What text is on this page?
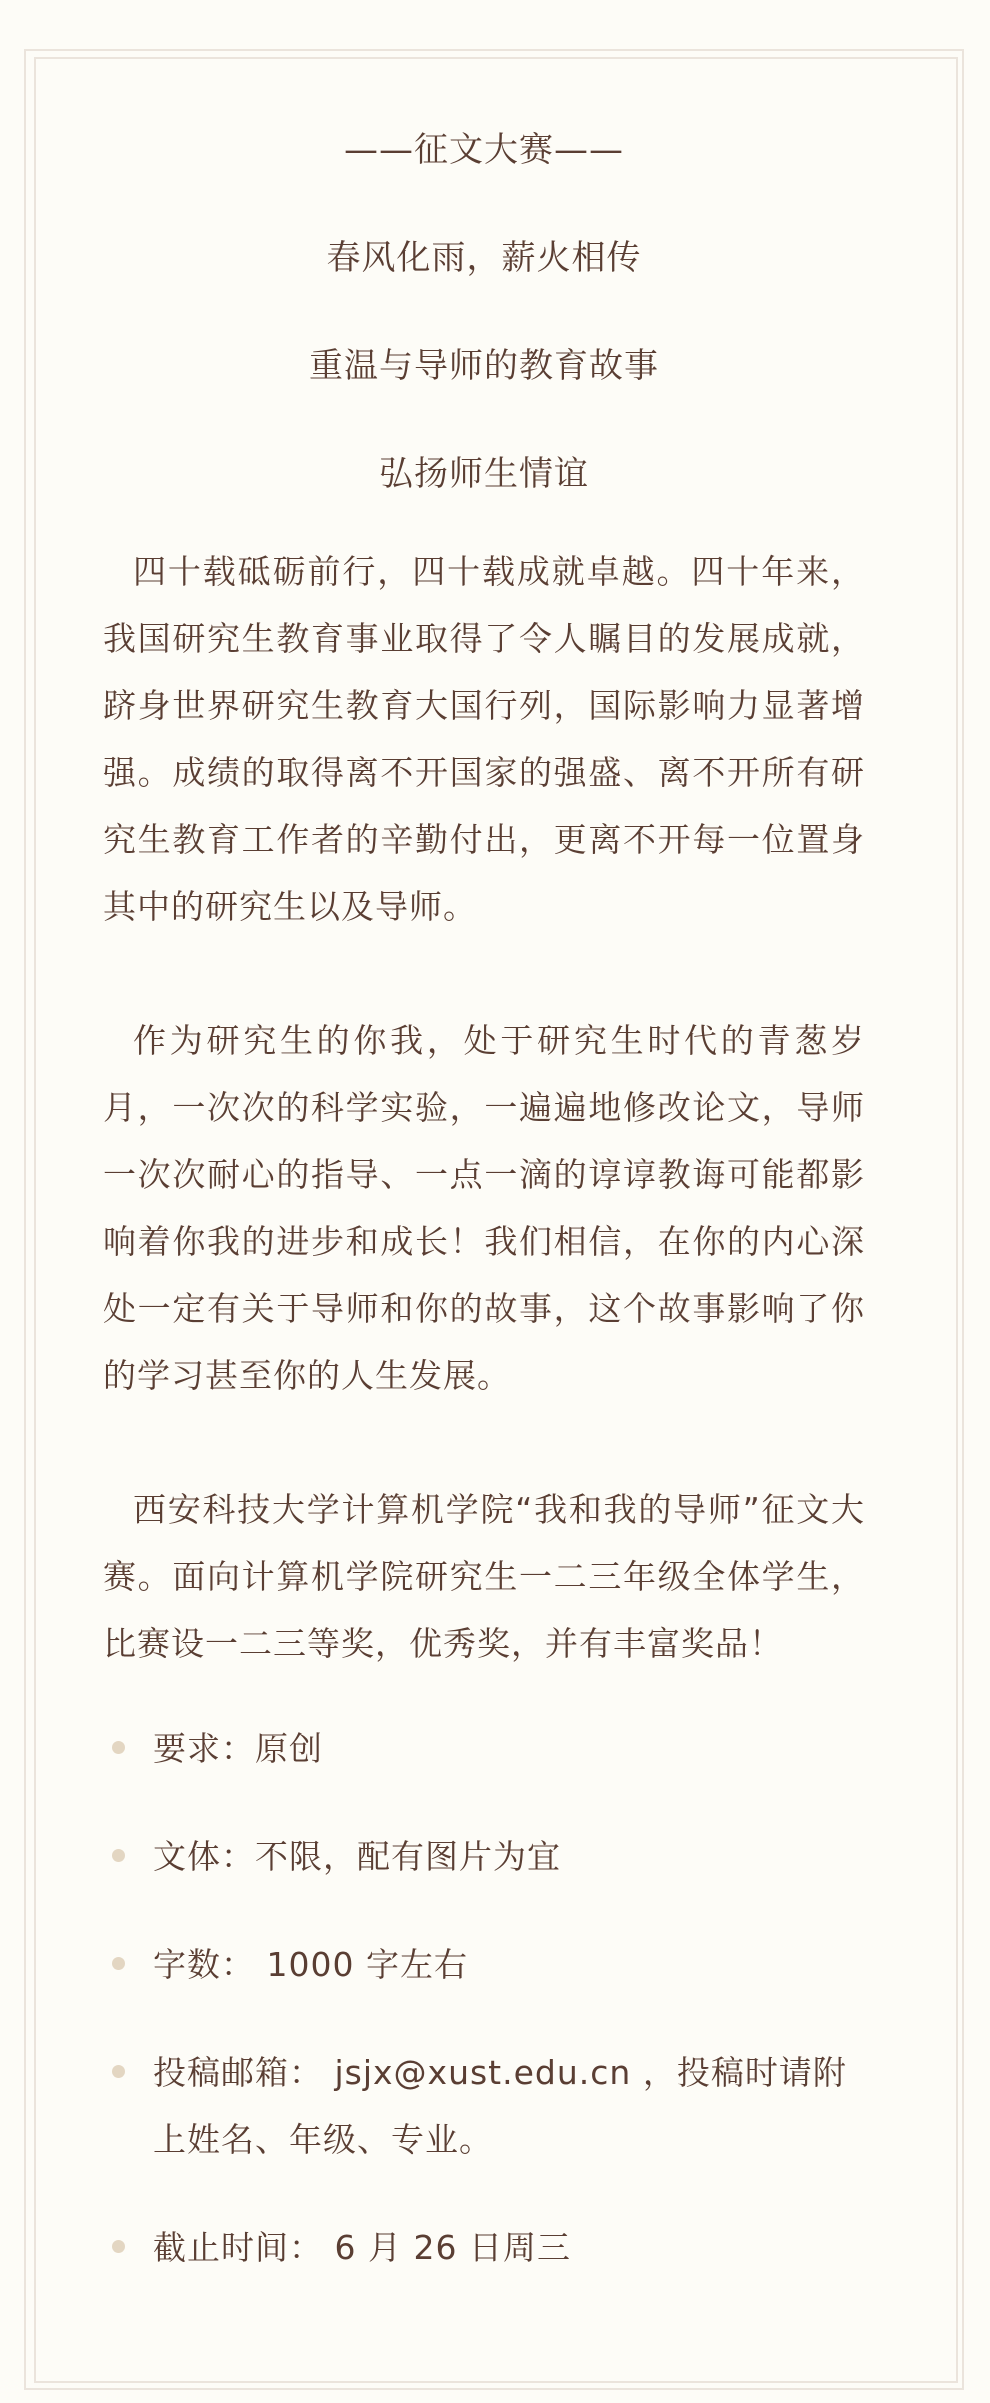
——征文大赛——

春风化雨，薪火相传

重温与导师的教育故事

弘扬师生情谊

四十载砥砺前行，四十载成就卓越。四十年来，我国研究生教育事业取得了令人瞩目的发展成就，跻身世界研究生教育大国行列，国际影响力显著增强。成绩的取得离不开国家的强盛、离不开所有研究生教育工作者的辛勤付出，更离不开每一位置身其中的研究生以及导师。

作为研究生的你我，处于研究生时代的青葱岁月，一次次的科学实验，一遍遍地修改论文，导师一次次耐心的指导、一点一滴的谆谆教诲可能都影响着你我的进步和成长！我们相信，在你的内心深处一定有关于导师和你的故事，这个故事影响了你的学习甚至你的人生发展。

西安科技大学计算机学院“我和我的导师”征文大赛。面向计算机学院研究生一二三年级全体学生，比赛设一二三等奖，优秀奖，并有丰富奖品！

要求：原创
文体：不限，配有图片为宜
字数： 1000 字左右
投稿邮箱： jsjx@xust.edu.cn ，投稿时请附上姓名、年级、专业。
截止时间： 6 月 26 日周三
